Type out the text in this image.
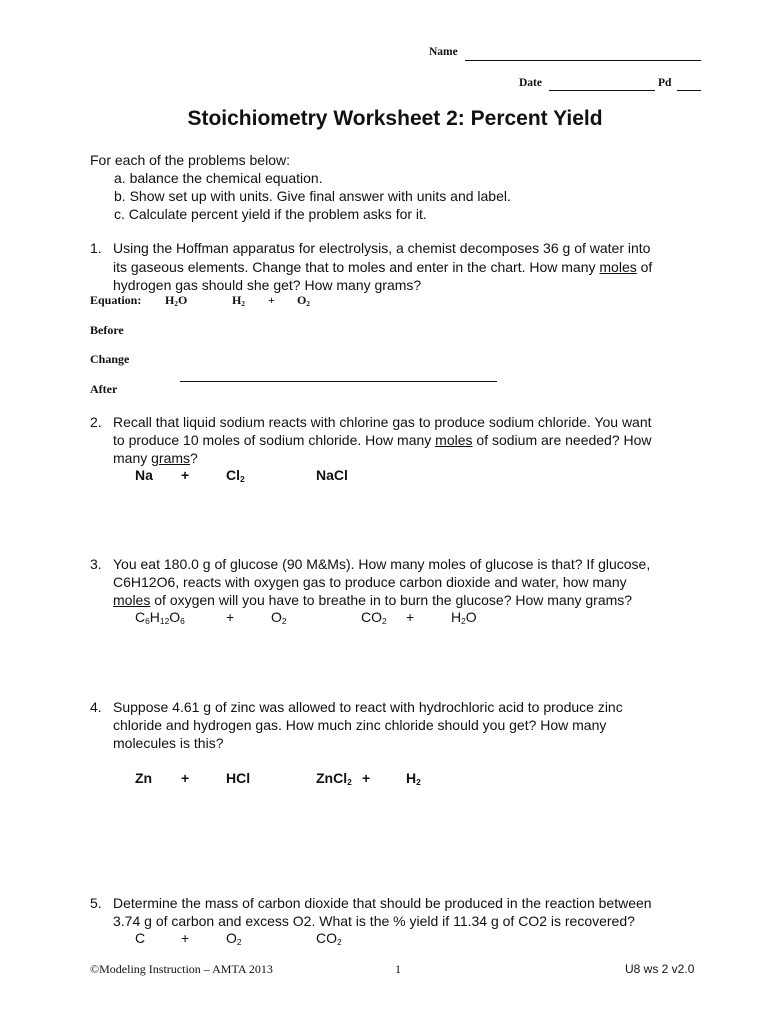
Name
Date	Pd
Stoichiometry Worksheet 2: Percent Yield
For each of the problems below:
a. balance the chemical equation.
b. Show set up with units. Give final answer with units and label.
c. Calculate percent yield if the problem asks for it.
1. Using the Hoffman apparatus for electrolysis, a chemist decomposes 36 g of water into
its gaseous elements. Change that to moles and enter in the chart. How many moles of
hydrogen gas should she get? How many grams?
Equation: $H_2O$	$H_2 + O_2$
Before
Change
After
2. Recall that liquid sodium reacts with chlorine gas to produce sodium chloride. You want
to produce 10 moles of sodium chloride. How many moles of sodium are needed? How
many grams?
Na +	$Cl_2$	NaCl
3. You eat 180.0 g of glucose (90 M&Ms). How many moles of glucose is that? If glucose,
C6H12O6, reacts with oxygen gas to produce carbon dioxide and water, how many
moles of oxygen will you have to breathe in to burn the glucose? How many grams?
$C_6H_{12}O_6$	+	$O_2$	$CO_2$ +	$H_2O$
4. Suppose 4.61 g of zinc was allowed to react with hydrochloric acid to produce zinc
chloride and hydrogen gas. How much zinc chloride should you get? How many
molecules is this?
Zn +	HCl	ZnCl$_2$ +	$H_2$
5. Determine the mass of carbon dioxide that should be produced in the reaction between
3.74 g of carbon and excess O2. What is the % yield if 11.34 g of CO2 is recovered?
C	+	$O_2$	$CO_2$
©Modeling Instruction – AMTA 2013	1	U8 ws 2 v2.0
